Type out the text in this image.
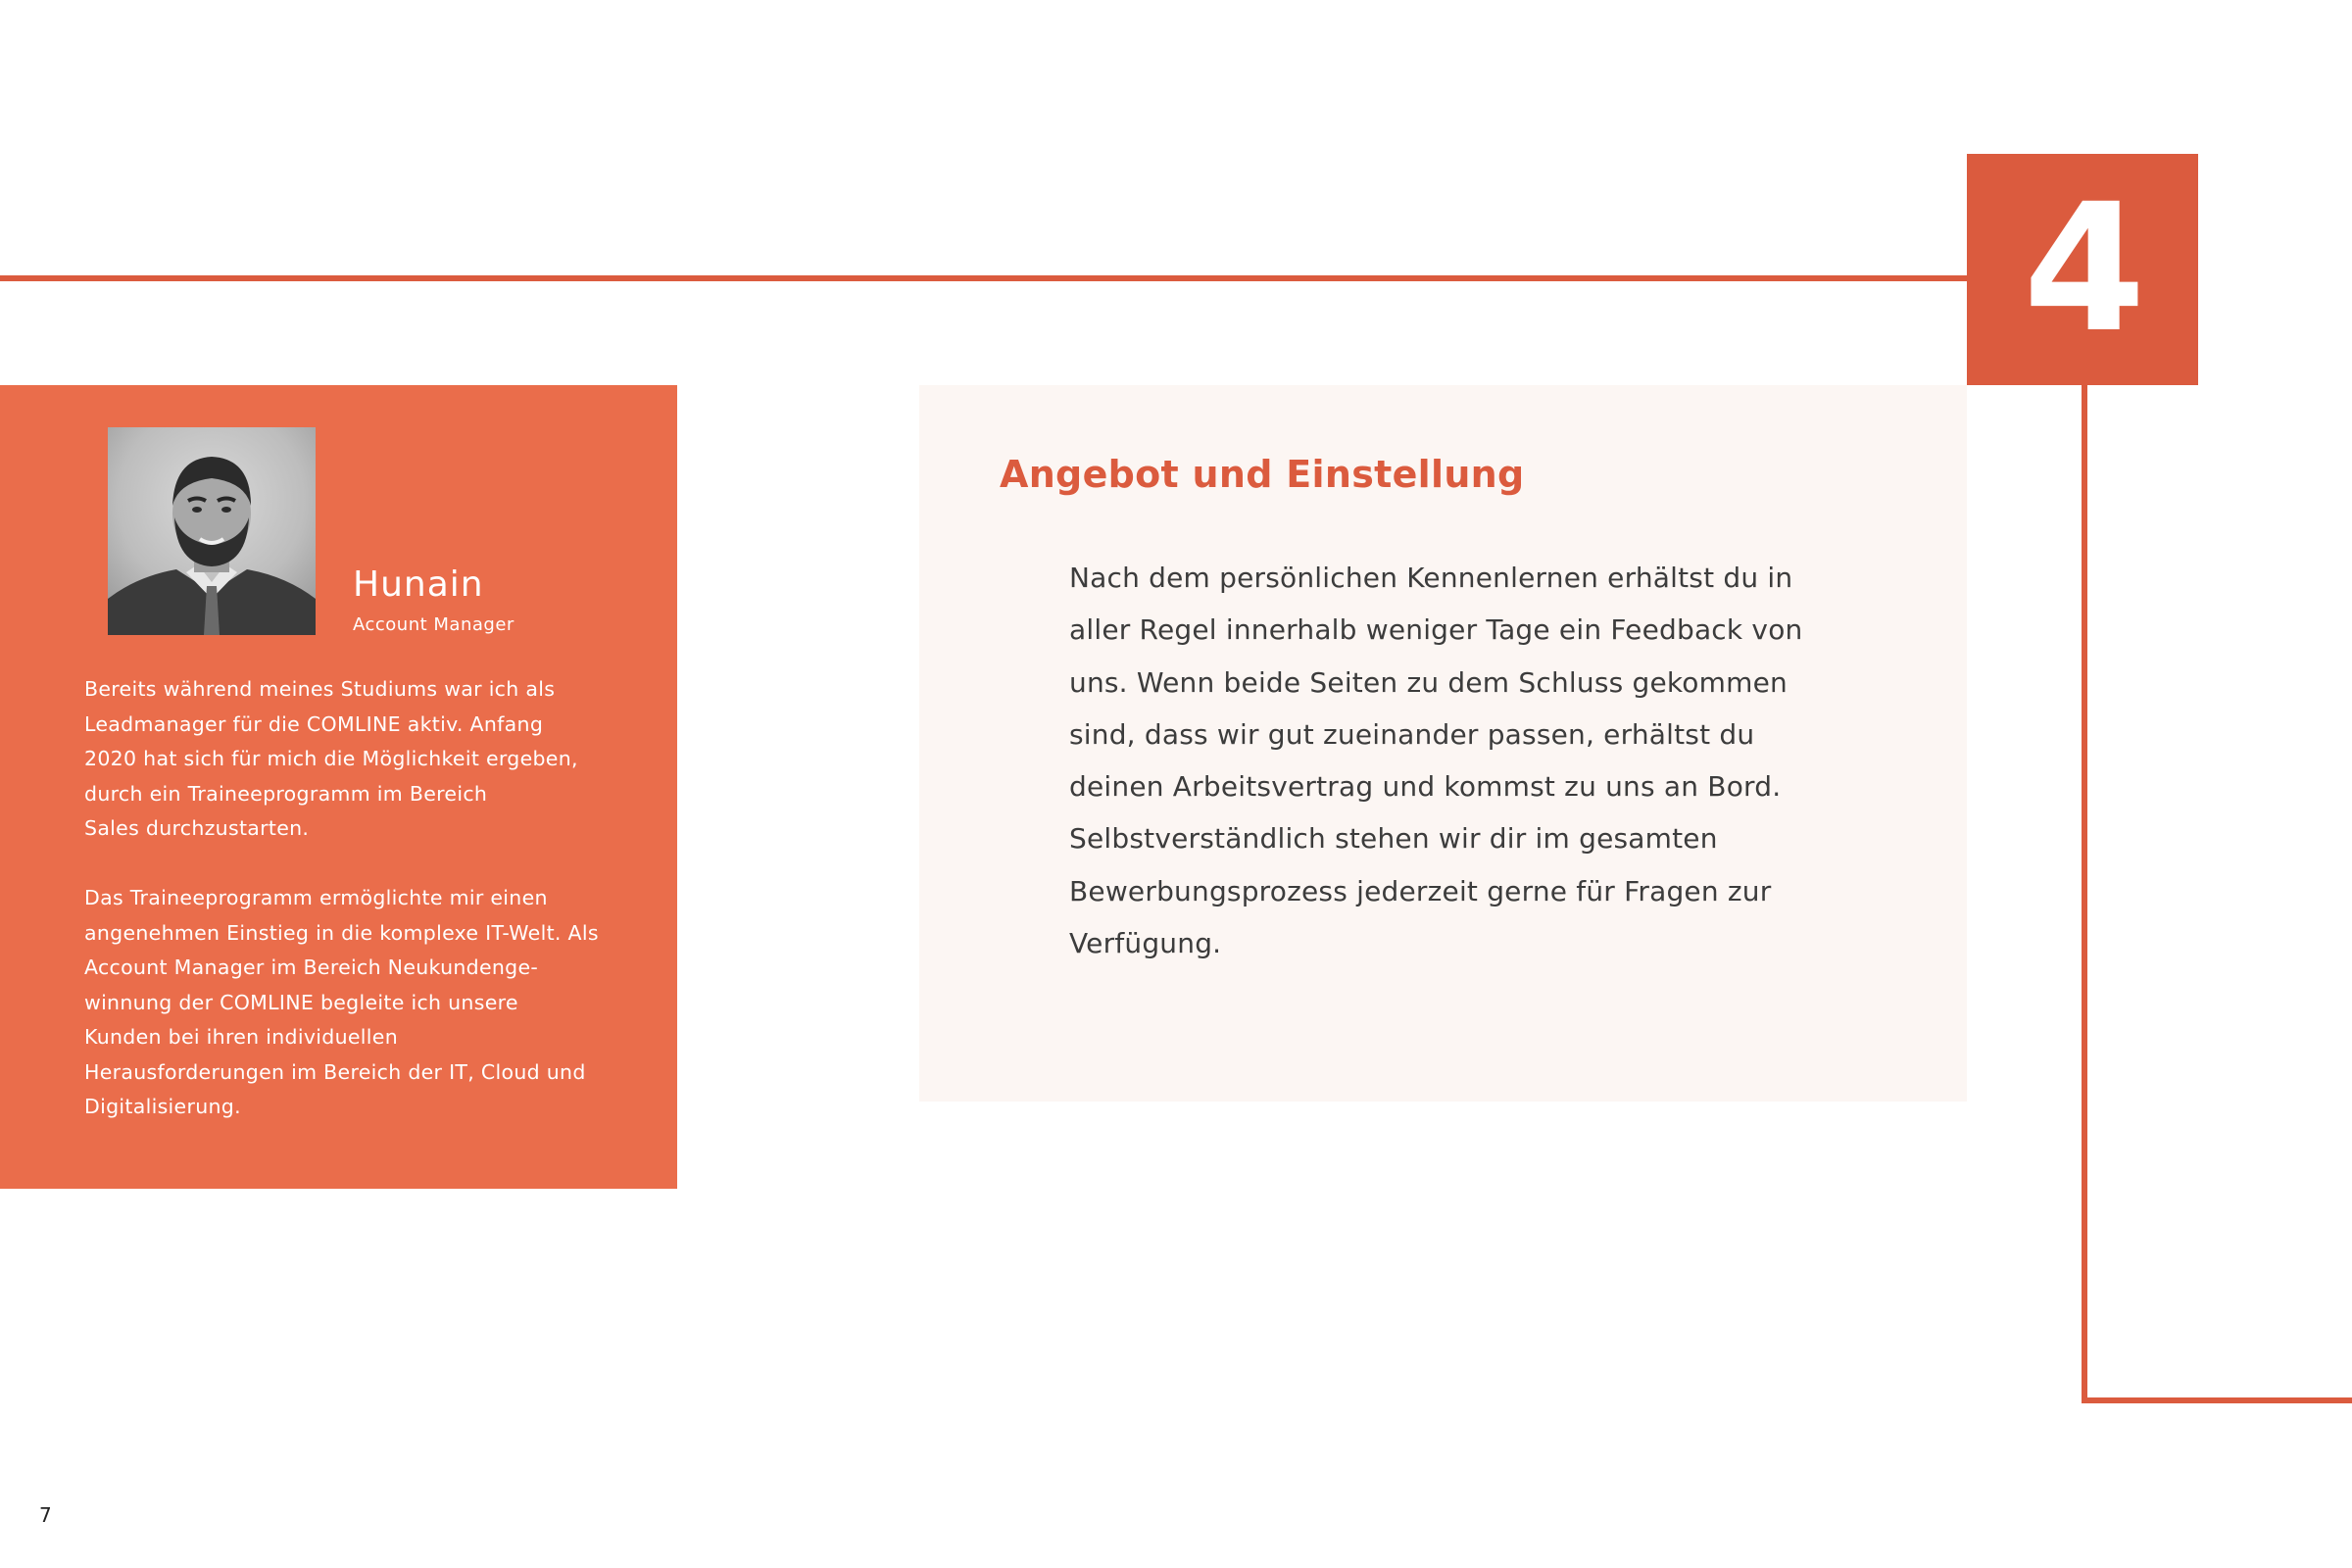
4
Hunain
Account Manager

Bereits während meines Studiums war ich als
Leadmanager für die COMLINE aktiv. Anfang
2020 hat sich für mich die Möglichkeit ergeben,
durch ein Traineeprogramm im Bereich
Sales durchzustarten.

Das Traineeprogramm ermöglichte mir einen
angenehmen Einstieg in die komplexe IT-Welt. Als
Account Manager im Bereich Neukundenge-
winnung der COMLINE begleite ich unsere
Kunden bei ihren individuellen
Herausforderungen im Bereich der IT, Cloud und
Digitalisierung.

Angebot und Einstellung

Nach dem persönlichen Kennenlernen erhältst du in
aller Regel innerhalb weniger Tage ein Feedback von
uns. Wenn beide Seiten zu dem Schluss gekommen
sind, dass wir gut zueinander passen, erhältst du
deinen Arbeitsvertrag und kommst zu uns an Bord.
Selbstverständlich stehen wir dir im gesamten
Bewerbungsprozess jederzeit gerne für Fragen zur
Verfügung.

7
